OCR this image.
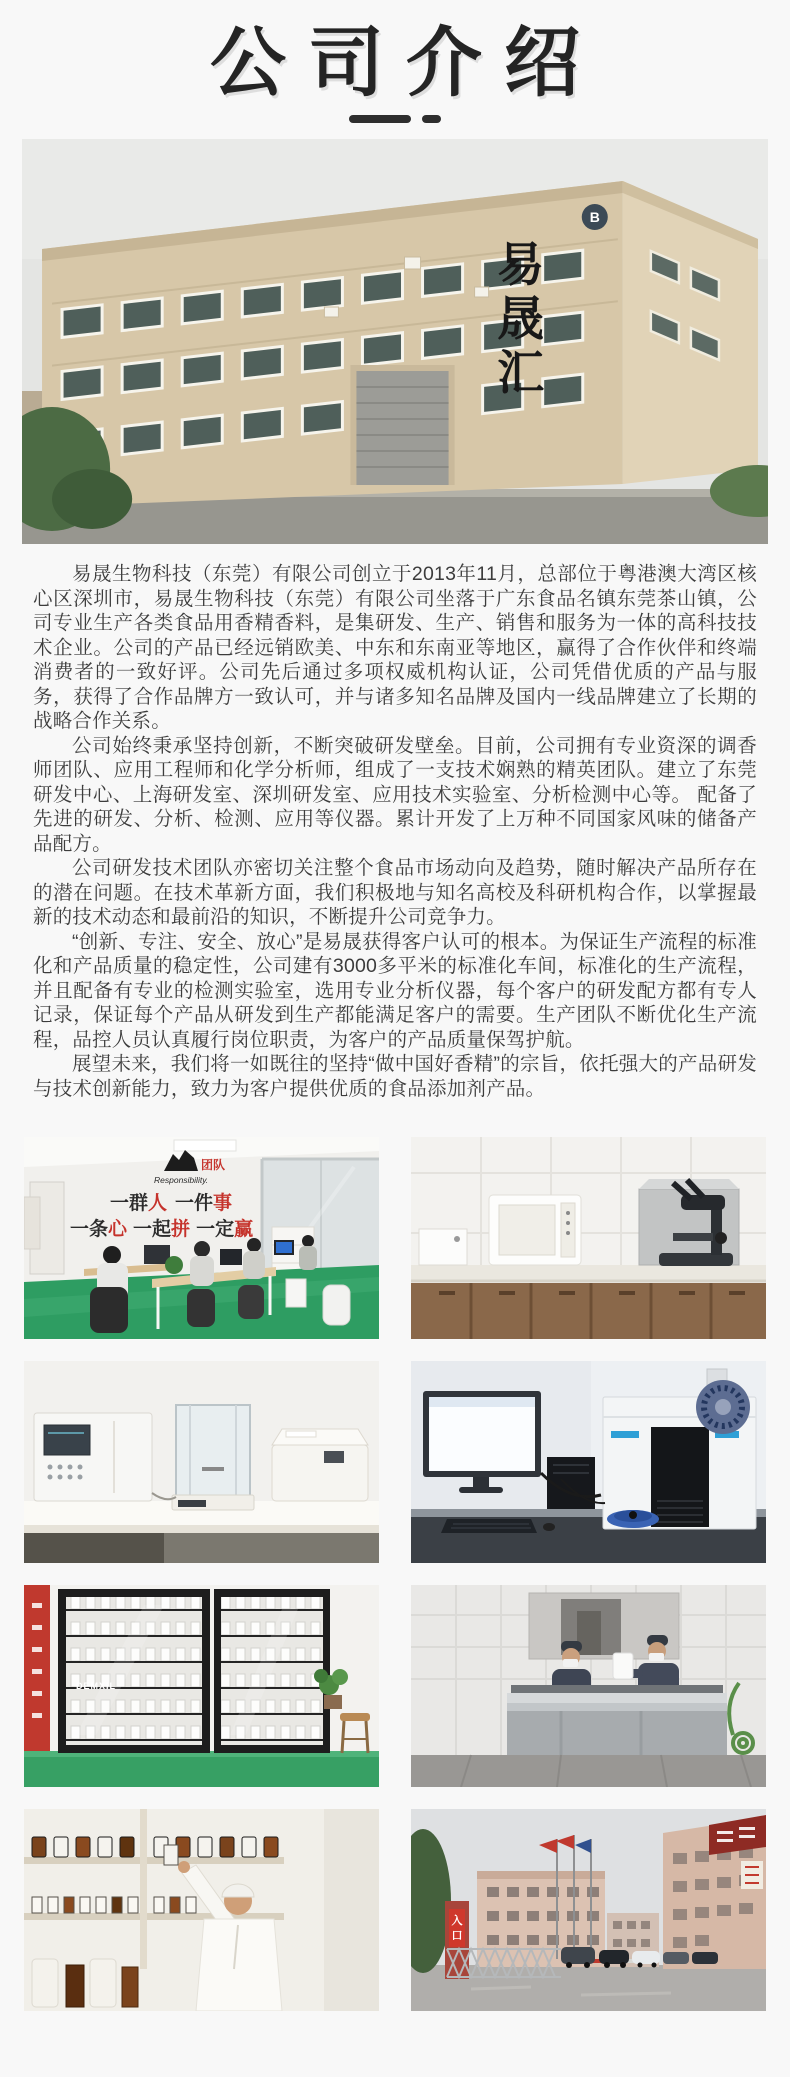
公司介绍
易
晟
汇
B

易晟生物科技（东莞）有限公司创立于2013年11月，总部位于粤港澳大湾区核心区深圳市，易晟生物科技（东莞）有限公司坐落于广东食品名镇东莞茶山镇，公司专业生产各类食品用香精香料，是集研发、生产、销售和服务为一体的高科技技术企业。公司的产品已经远销欧美、中东和东南亚等地区，赢得了合作伙伴和终端消费者的一致好评。公司先后通过多项权威机构认证，公司凭借优质的产品与服务，获得了合作品牌方一致认可，并与诸多知名品牌及国内一线品牌建立了长期的战略合作关系。

公司始终秉承坚持创新，不断突破研发壁垒。目前，公司拥有专业资深的调香师团队、应用工程师和化学分析师，组成了一支技术娴熟的精英团队。建立了东莞研发中心、上海研发室、深圳研发室、应用技术实验室、分析检测中心等。 配备了先进的研发、分析、检测、应用等仪器。累计开发了上万种不同国家风味的储备产品配方。

公司研发技术团队亦密切关注整个食品市场动向及趋势，随时解决产品所存在的潜在问题。在技术革新方面，我们积极地与知名高校及科研机构合作，以掌握最新的技术动态和最前沿的知识，不断提升公司竞争力。

“创新、专注、安全、放心”是易晟获得客户认可的根本。为保证生产流程的标准化和产品质量的稳定性，公司建有3000多平米的标准化车间，标准化的生产流程，并且配备有专业的检测实验室，选用专业分析仪器，每个客户的研发配方都有专人记录，保证每个产品从研发到生产都能满足客户的需要。生产团队不断优化生产流程，品控人员认真履行岗位职责，为客户的产品质量保驾护航。

展望未来，我们将一如既往的坚持“做中国好香精”的宗旨，依托强大的产品研发与技术创新能力，致力为客户提供优质的食品添加剂产品。

团队
Responsibility.
一群人 一件事
一条心 一起拼 一定赢
DEMXIL
入
口
